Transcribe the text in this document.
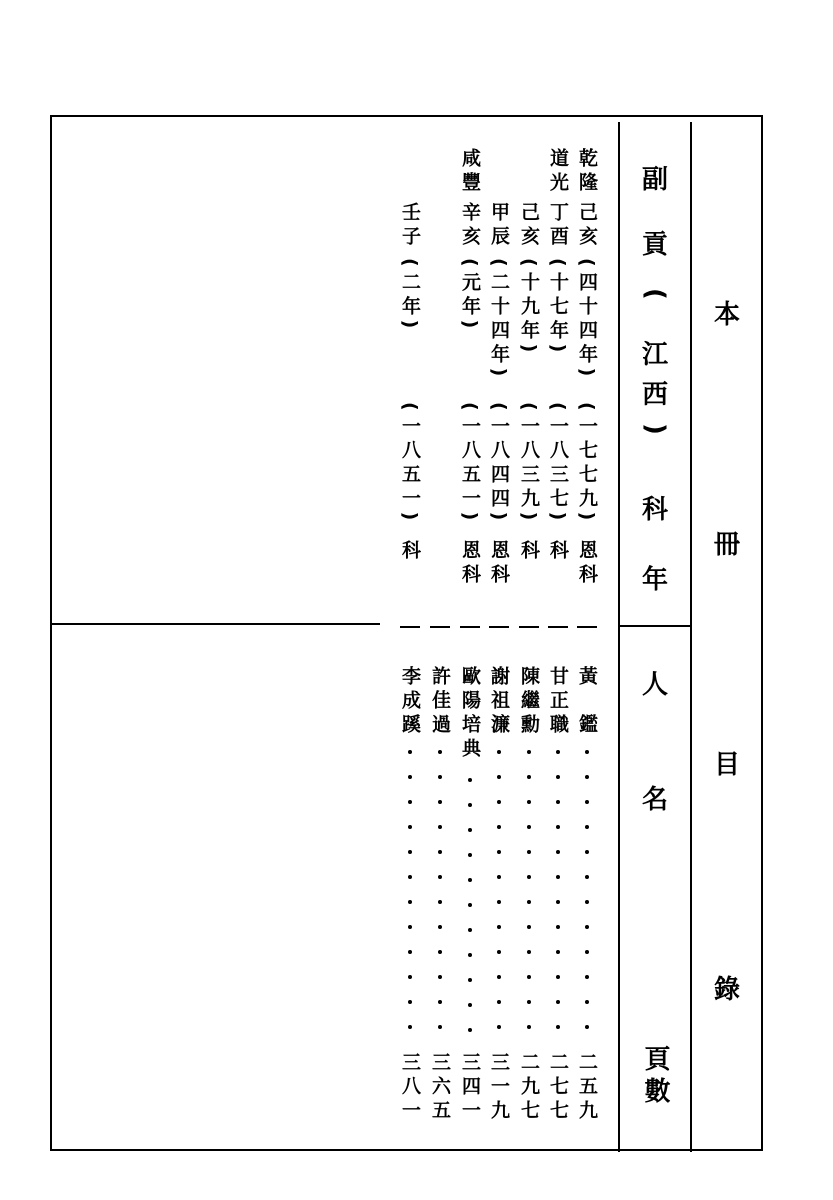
本
冊
目
錄
副
貢
(
江
西
)
科
年
人
名
頁數
乾隆
己亥
(四十四年)
(一七七九)
恩科
黃　鑑
二五九
道光
丁酉
(十七年)
(一八三七)
科
甘正職
二七七
己亥
(十九年)
(一八三九)
科
陳繼勳
二九七
甲辰
(二十四年)
(一八四四)
恩科
謝祖濂
三一九
咸豐
辛亥
(元年)
(一八五一)
恩科
歐陽培典
三四一
許佳過
三六五
壬子
(二年)
(一八五一)
科
李成蹊
三八一
